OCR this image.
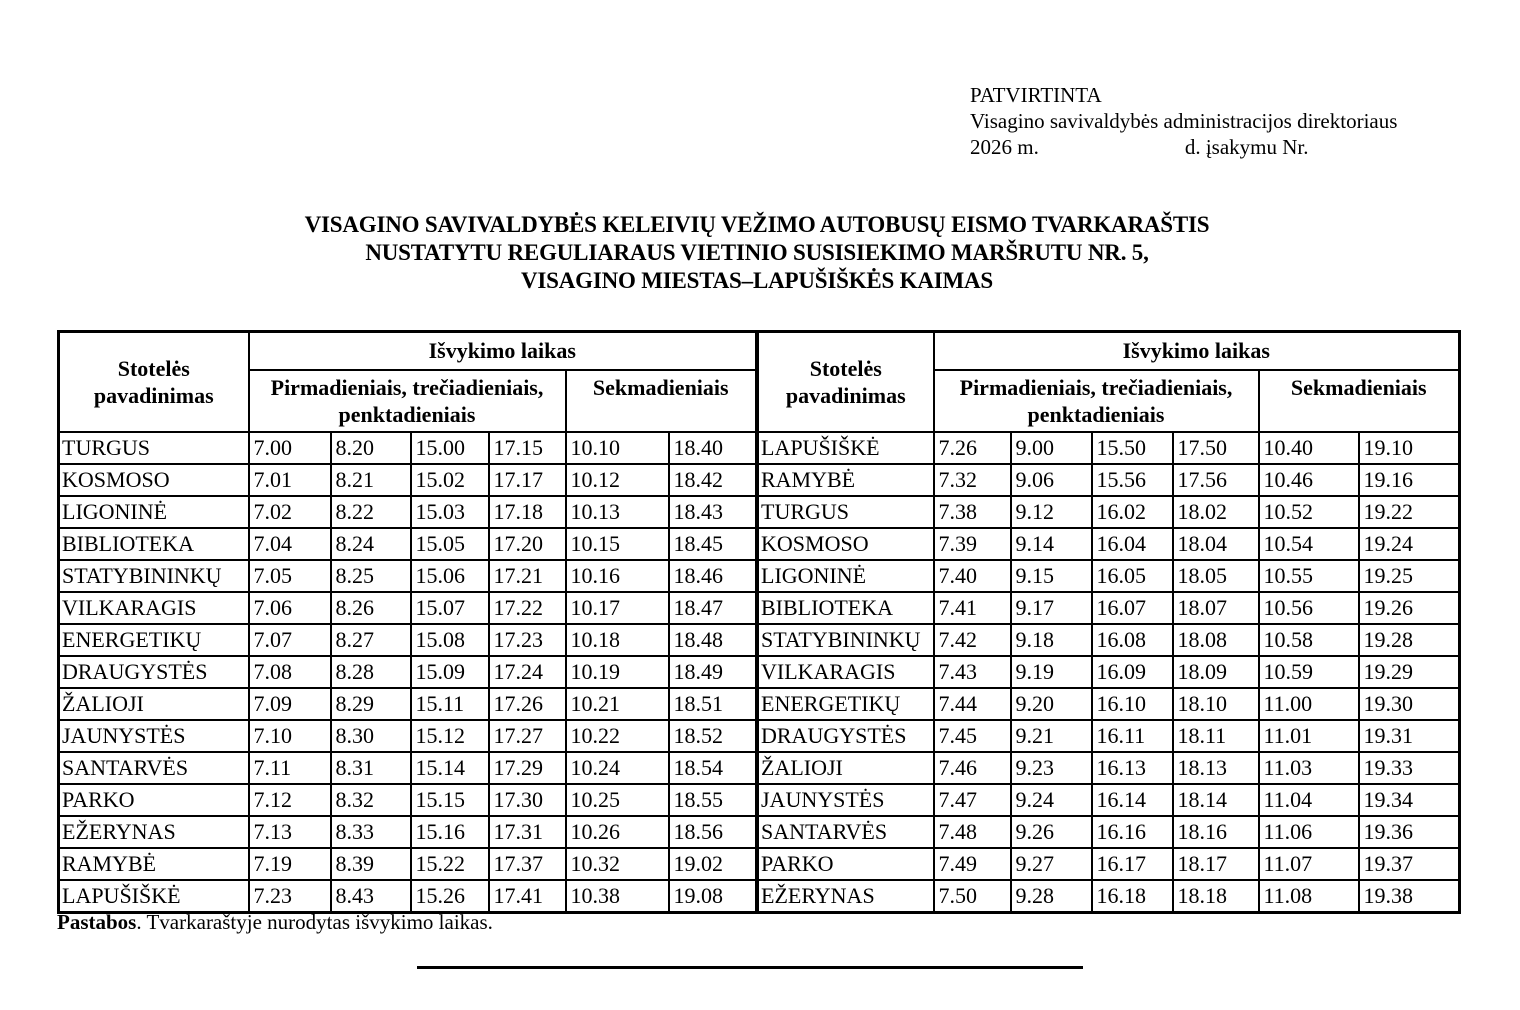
PATVIRTINTA
Visagino savivaldybės administracijos direktoriaus
2026 m.	d. įsakymu Nr.
VISAGINO SAVIVALDYBĖS KELEIVIŲ VEŽIMO AUTOBUSŲ EISMO TVARKARAŠTIS
NUSTATYTU REGULIARAUS VIETINIO SUSISIEKIMO MARŠRUTU NR. 5,
VISAGINO MIESTAS–LAPUŠIŠKĖS KAIMAS
Stotelės pavadinimas	Išvykimo laikas					
	Pirmadieniais, trečiadieniais, penktadieniais				Sekmadieniais	
TURGUS	7.00	8.20	15.00	17.15	10.10	18.40
KOSMOSO	7.01	8.21	15.02	17.17	10.12	18.42
LIGONINĖ	7.02	8.22	15.03	17.18	10.13	18.43
BIBLIOTEKA	7.04	8.24	15.05	17.20	10.15	18.45
STATYBININKŲ	7.05	8.25	15.06	17.21	10.16	18.46
VILKARAGIS	7.06	8.26	15.07	17.22	10.17	18.47
ENERGETIKŲ	7.07	8.27	15.08	17.23	10.18	18.48
DRAUGYSTĖS	7.08	8.28	15.09	17.24	10.19	18.49
ŽALIOJI	7.09	8.29	15.11	17.26	10.21	18.51
JAUNYSTĖS	7.10	8.30	15.12	17.27	10.22	18.52
SANTARVĖS	7.11	8.31	15.14	17.29	10.24	18.54
PARKO	7.12	8.32	15.15	17.30	10.25	18.55
EŽERYNAS	7.13	8.33	15.16	17.31	10.26	18.56
RAMYBĖ	7.19	8.39	15.22	17.37	10.32	19.02
LAPUŠIŠKĖ	7.23	8.43	15.26	17.41	10.38	19.08
Stotelės pavadinimas	Išvykimo laikas					
	Pirmadieniais, trečiadieniais, penktadieniais				Sekmadieniais	
LAPUŠIŠKĖ	7.26	9.00	15.50	17.50	10.40	19.10
RAMYBĖ	7.32	9.06	15.56	17.56	10.46	19.16
TURGUS	7.38	9.12	16.02	18.02	10.52	19.22
KOSMOSO	7.39	9.14	16.04	18.04	10.54	19.24
LIGONINĖ	7.40	9.15	16.05	18.05	10.55	19.25
BIBLIOTEKA	7.41	9.17	16.07	18.07	10.56	19.26
STATYBININKŲ	7.42	9.18	16.08	18.08	10.58	19.28
VILKARAGIS	7.43	9.19	16.09	18.09	10.59	19.29
ENERGETIKŲ	7.44	9.20	16.10	18.10	11.00	19.30
DRAUGYSTĖS	7.45	9.21	16.11	18.11	11.01	19.31
ŽALIOJI	7.46	9.23	16.13	18.13	11.03	19.33
JAUNYSTĖS	7.47	9.24	16.14	18.14	11.04	19.34
SANTARVĖS	7.48	9.26	16.16	18.16	11.06	19.36
PARKO	7.49	9.27	16.17	18.17	11.07	19.37
EŽERYNAS	7.50	9.28	16.18	18.18	11.08	19.38
Pastabos. Tvarkaraštyje nurodytas išvykimo laikas.
